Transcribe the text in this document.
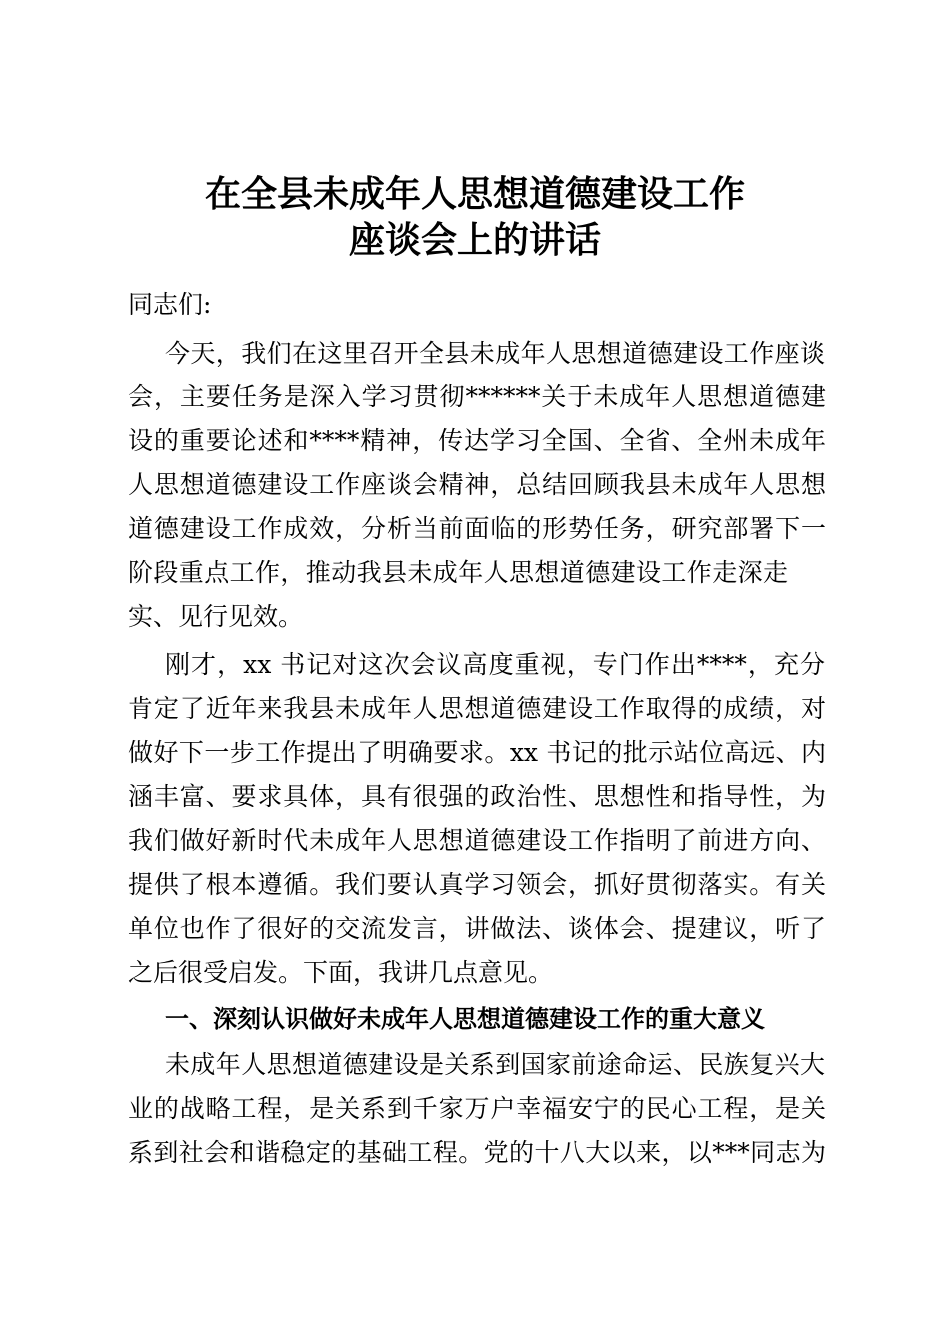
在全县未成年人思想道德建设工作
座谈会上的讲话
同志们:
今天，我们在这里召开全县未成年人思想道德建设工作座谈
会，主要任务是深入学习贯彻******关于未成年人思想道德建
设的重要论述和****精神，传达学习全国、全省、全州未成年
人思想道德建设工作座谈会精神，总结回顾我县未成年人思想
道德建设工作成效，分析当前面临的形势任务，研究部署下一
阶段重点工作，推动我县未成年人思想道德建设工作走深走
实、见行见效。
刚才，xx 书记对这次会议高度重视，专门作出****，充分
肯定了近年来我县未成年人思想道德建设工作取得的成绩，对
做好下一步工作提出了明确要求。xx 书记的批示站位高远、内
涵丰富、要求具体，具有很强的政治性、思想性和指导性，为
我们做好新时代未成年人思想道德建设工作指明了前进方向、
提供了根本遵循。我们要认真学习领会，抓好贯彻落实。有关
单位也作了很好的交流发言，讲做法、谈体会、提建议，听了
之后很受启发。下面，我讲几点意见。
一、深刻认识做好未成年人思想道德建设工作的重大意义
未成年人思想道德建设是关系到国家前途命运、民族复兴大
业的战略工程，是关系到千家万户幸福安宁的民心工程，是关
系到社会和谐稳定的基础工程。党的十八大以来，以***同志为
